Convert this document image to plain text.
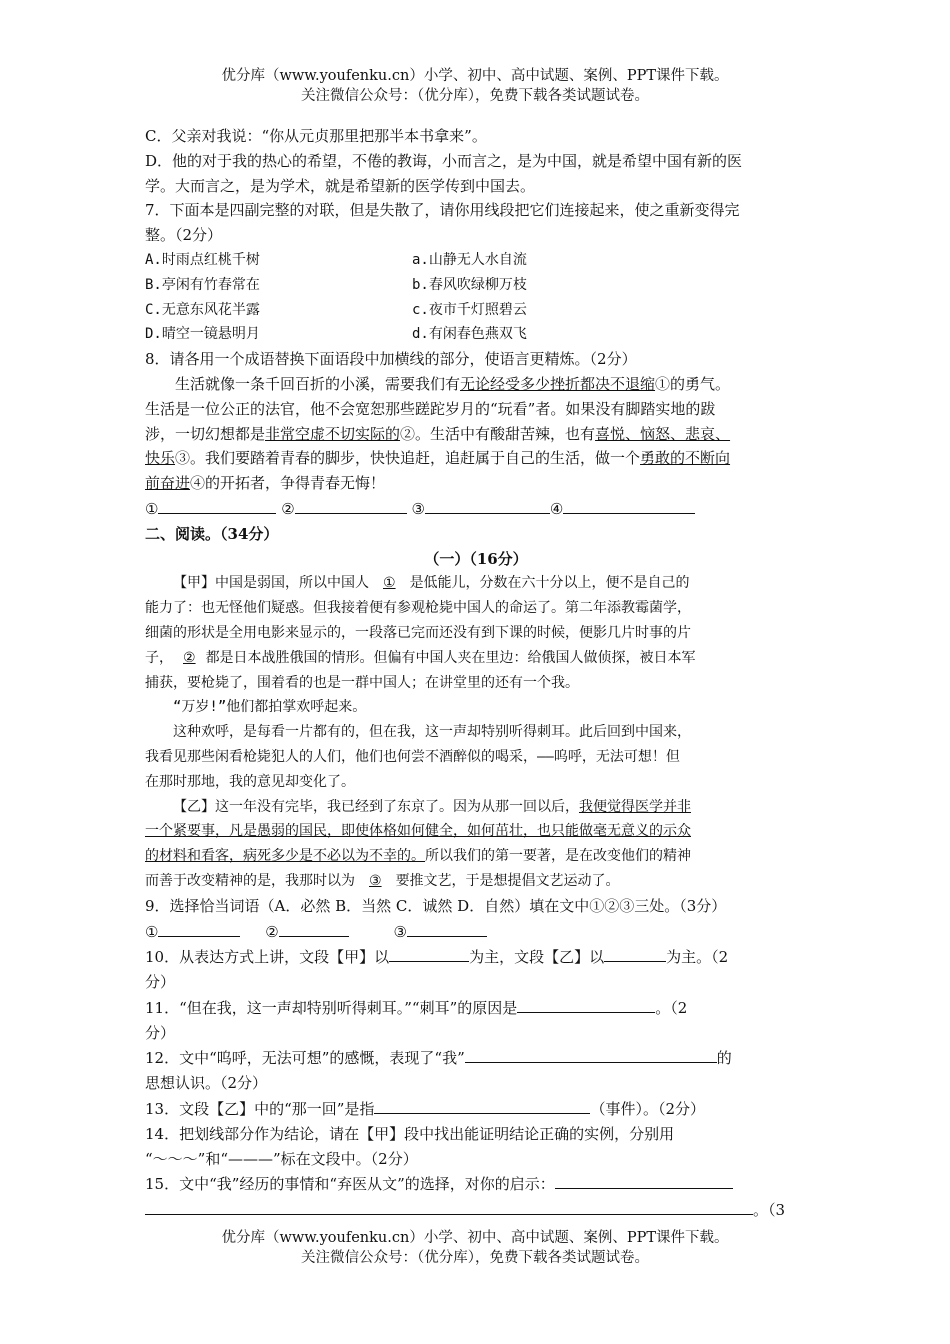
优分库（www.youfenku.cn）小学、初中、高中试题、案例、PPT课件下载。
关注微信公众号：（优分库），免费下载各类试题试卷。

C．父亲对我说：“你从元贞那里把那半本书拿来”。

D．他的对于我的热心的希望，不倦的教诲，小而言之，是为中国，就是希望中国有新的医

学。大而言之，是为学术，就是希望新的医学传到中国去。

7．下面本是四副完整的对联，但是失散了，请你用线段把它们连接起来，使之重新变得完

整。（2分）

A.时雨点红桃千树	a.山静无人水自流
B.亭闲有竹春常在	b.春风吹绿柳万枝
C.无意东风花半露	c.夜市千灯照碧云
D.晴空一镜悬明月	d.有闲春色燕双飞

8．请各用一个成语替换下面语段中加横线的部分，使语言更精炼。（2分）

生活就像一条千回百折的小溪，需要我们有无论经受多少挫折都决不退缩①的勇气。

生活是一位公正的法官，他不会宽恕那些蹉跎岁月的“玩看”者。如果没有脚踏实地的跋

涉，一切幻想都是非常空虚不切实际的②。生活中有酸甜苦辣，也有喜悦、恼怒、悲哀、

快乐③。我们要踏着青春的脚步，快快追赶，追赶属于自己的生活，做一个勇敢的不断向

前奋进④的开拓者，争得青春无悔！

①	②	③	④

二、阅读。（34分）

（一）（16分）

【甲】中国是弱国，所以中国人 ① 是低能儿，分数在六十分以上，便不是自己的

能力了：也无怪他们疑惑。但我接着便有参观枪毙中国人的命运了。第二年添教霉菌学，

细菌的形状是全用电影来显示的，一段落已完而还没有到下课的时候，便影几片时事的片

子， ② 都是日本战胜俄国的情形。但偏有中国人夹在里边：给俄国人做侦探，被日本军

捕获，要枪毙了，围着看的也是一群中国人；在讲堂里的还有一个我。

“万岁!”他们都拍掌欢呼起来。

这种欢呼，是每看一片都有的，但在我，这一声却特别听得刺耳。此后回到中国来，

我看见那些闲看枪毙犯人的人们，他们也何尝不酒醉似的喝采，——呜呼，无法可想！但

在那时那地，我的意见却变化了。

【乙】这一年没有完毕，我已经到了东京了。因为从那一回以后，我便觉得医学并非

一个紧要事，凡是愚弱的国民，即使体格如何健全，如何茁壮，也只能做毫无意义的示众

的材料和看客，病死多少是不必以为不幸的。所以我们的第一要著，是在改变他们的精神

而善于改变精神的是，我那时以为 ③ 要推文艺，于是想提倡文艺运动了。

9．选择恰当词语（A．必然 B．当然 C．诚然 D．自然）填在文中①②③三处。（3分）

①	②	③

10．从表达方式上讲，文段【甲】以	为主，文段【乙】以	为主。（2

分）

11．“但在我，这一声却特别听得刺耳。”“刺耳”的原因是	。（2

分）

12．文中“呜呼，无法可想”的感慨，表现了“我”	的

思想认识。（2分）

13．文段【乙】中的“那一回”是指	（事件）。（2分）

14．把划线部分作为结论，请在【甲】段中找出能证明结论正确的实例，分别用

“～～～”和“———”标在文段中。（2分）

15．文中“我”经历的事情和“弃医从文”的选择，对你的启示：

。（3

优分库（www.youfenku.cn）小学、初中、高中试题、案例、PPT课件下载。
关注微信公众号：（优分库），免费下载各类试题试卷。
